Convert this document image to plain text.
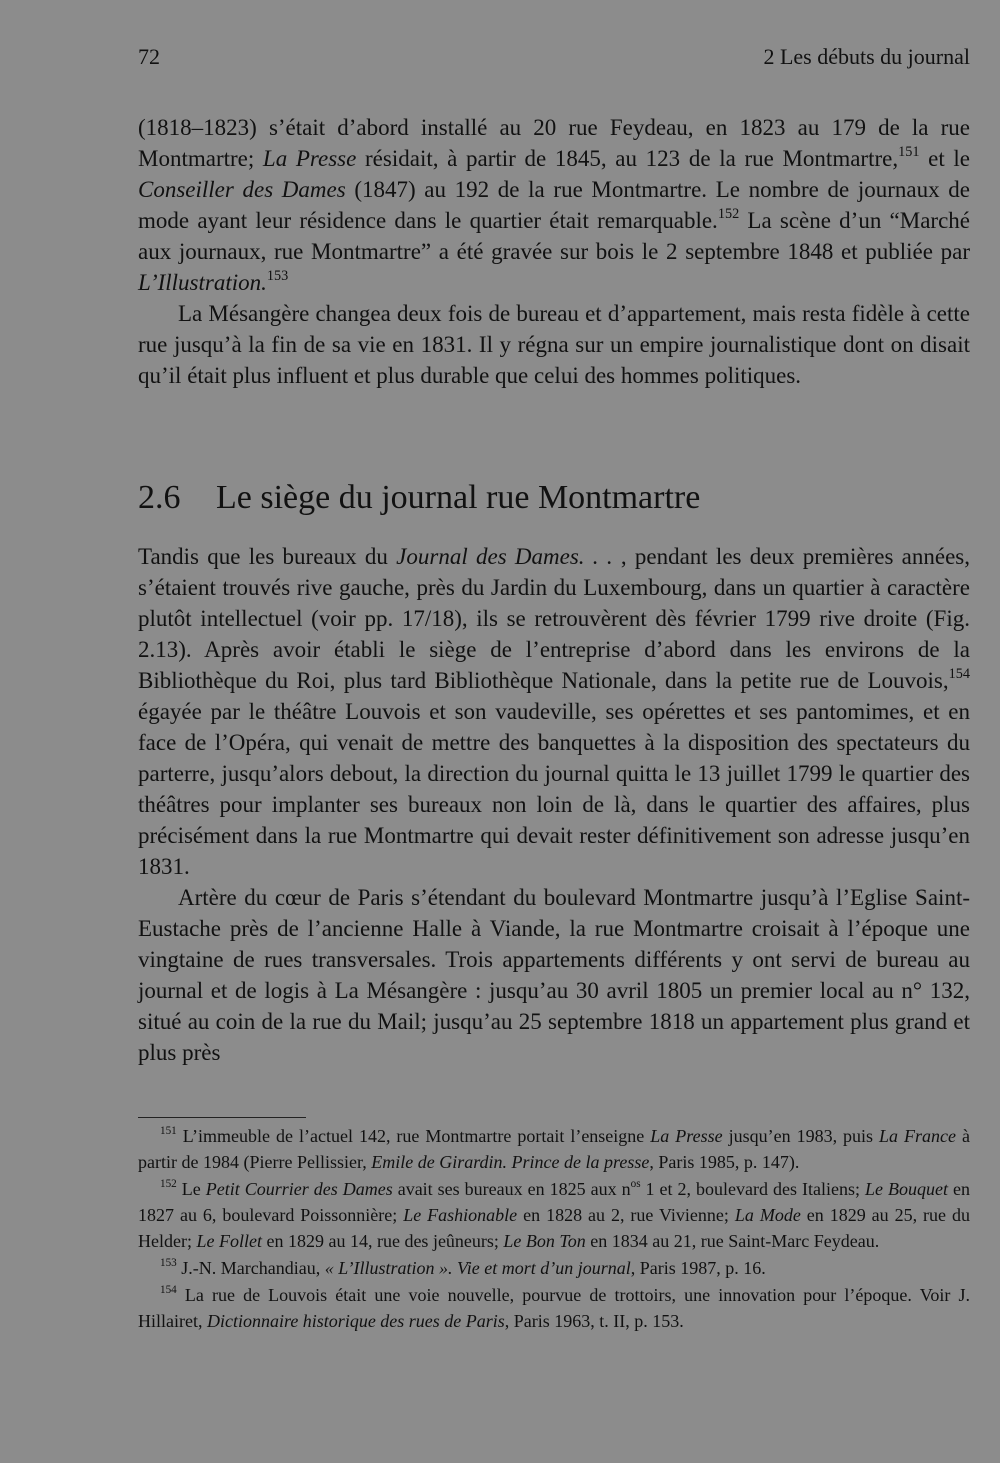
72	2 Les débuts du journal

(1818–1823) s’était d’abord installé au 20 rue Feydeau, en 1823 au 179 de la rue Montmartre; La Presse résidait, à partir de 1845, au 123 de la rue Montmartre,$^{151}$ et le Conseiller des Dames (1847) au 192 de la rue Montmartre. Le nombre de journaux de mode ayant leur résidence dans le quartier était remarquable.$^{152}$ La scène d’un “Marché aux journaux, rue Montmartre” a été gravée sur bois le 2 septembre 1848 et publiée par L’Illustration.$^{153}$

La Mésangère changea deux fois de bureau et d’appartement, mais resta fidèle à cette rue jusqu’à la fin de sa vie en 1831. Il y régna sur un empire journalistique dont on disait qu’il était plus influent et plus durable que celui des hommes politiques.

2.6 Le siège du journal rue Montmartre

Tandis que les bureaux du Journal des Dames. . . , pendant les deux premières années, s’étaient trouvés rive gauche, près du Jardin du Luxembourg, dans un quartier à caractère plutôt intellectuel (voir pp. 17/18), ils se retrouvèrent dès février 1799 rive droite (Fig. 2.13). Après avoir établi le siège de l’entreprise d’abord dans les environs de la Bibliothèque du Roi, plus tard Bibliothèque Nationale, dans la petite rue de Louvois,$^{154}$ égayée par le théâtre Louvois et son vaudeville, ses opérettes et ses pantomimes, et en face de l’Opéra, qui venait de mettre des banquettes à la disposition des spectateurs du parterre, jusqu’alors debout, la direction du journal quitta le 13 juillet 1799 le quartier des théâtres pour implanter ses bureaux non loin de là, dans le quartier des affaires, plus précisément dans la rue Montmartre qui devait rester définitivement son adresse jusqu’en 1831.

Artère du cœur de Paris s’étendant du boulevard Montmartre jusqu’à l’Eglise Saint-Eustache près de l’ancienne Halle à Viande, la rue Montmartre croisait à l’époque une vingtaine de rues transversales. Trois appartements différents y ont servi de bureau au journal et de logis à La Mésangère : jusqu’au 30 avril 1805 un premier local au n° 132, situé au coin de la rue du Mail; jusqu’au 25 septembre 1818 un appartement plus grand et plus près

$^{151}$ L’immeuble de l’actuel 142, rue Montmartre portait l’enseigne La Presse jusqu’en 1983, puis La France à partir de 1984 (Pierre Pellissier, Emile de Girardin. Prince de la presse, Paris 1985, p. 147).

$^{152}$ Le Petit Courrier des Dames avait ses bureaux en 1825 aux $n^{os}$ 1 et 2, boulevard des Italiens; Le Bouquet en 1827 au 6, boulevard Poissonnière; Le Fashionable en 1828 au 2, rue Vivienne; La Mode en 1829 au 25, rue du Helder; Le Follet en 1829 au 14, rue des jeûneurs; Le Bon Ton en 1834 au 21, rue Saint-Marc Feydeau.

$^{153}$ J.-N. Marchandiau, « L’Illustration ». Vie et mort d’un journal, Paris 1987, p. 16.

$^{154}$ La rue de Louvois était une voie nouvelle, pourvue de trottoirs, une innovation pour l’époque. Voir J. Hillairet, Dictionnaire historique des rues de Paris, Paris 1963, t. II, p. 153.
